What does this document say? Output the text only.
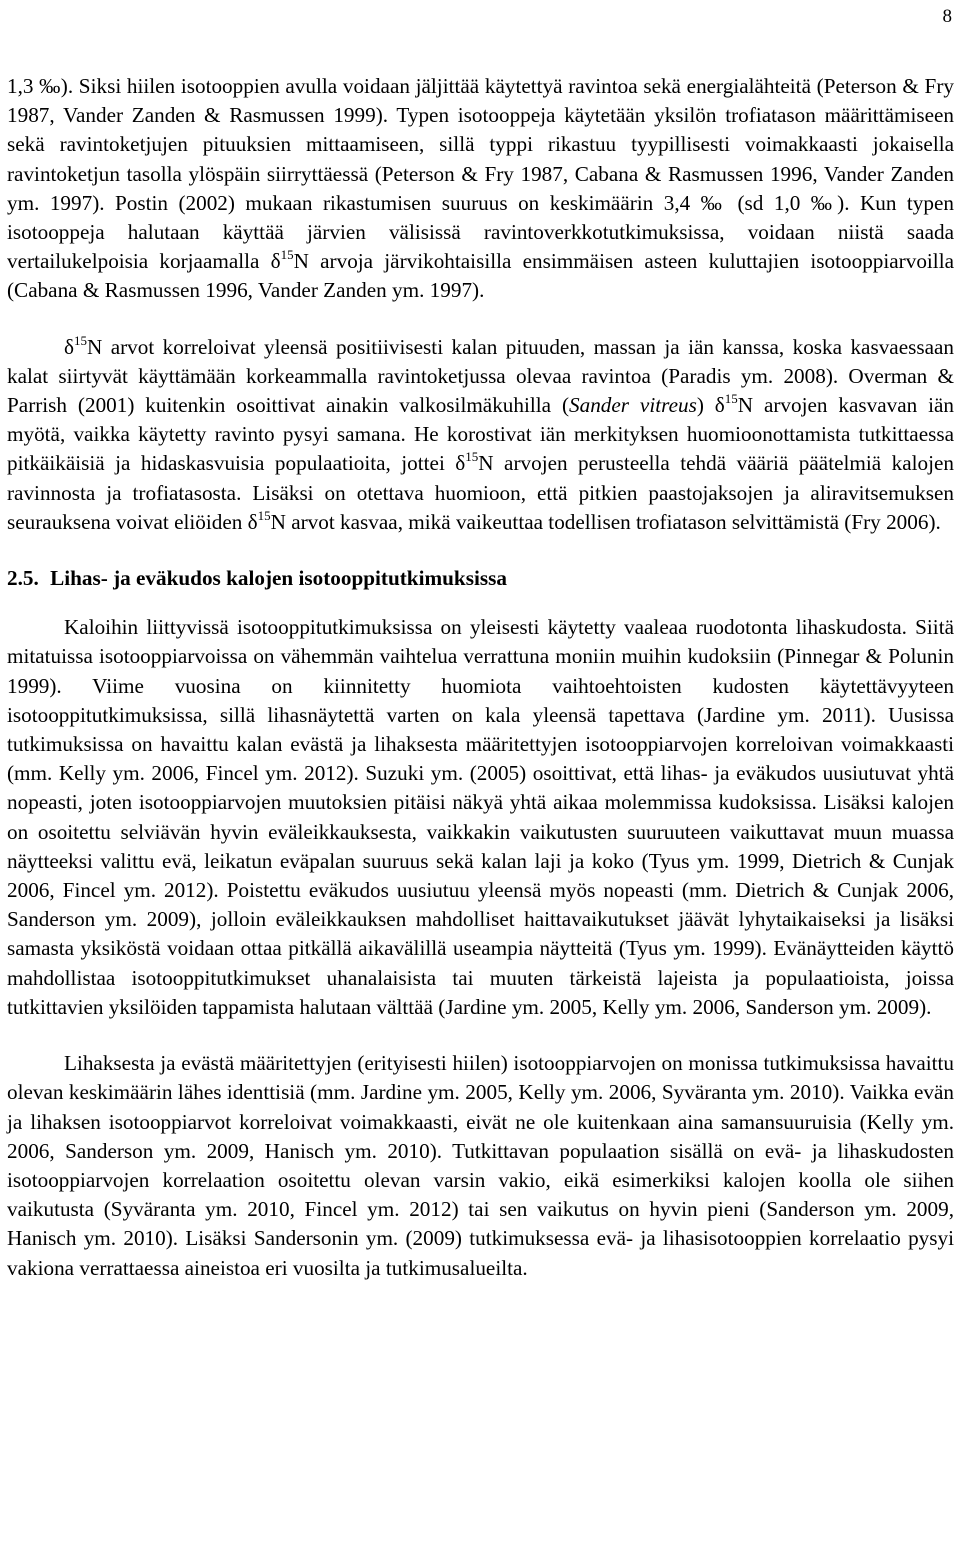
8

1,3 ‰). Siksi hiilen isotooppien avulla voidaan jäljittää käytettyä ravintoa sekä energialähteitä (Peterson & Fry 1987, Vander Zanden & Rasmussen 1999). Typen isotooppeja käytetään yksilön trofiatason määrittämiseen sekä ravintoketjujen pituuksien mittaamiseen, sillä typpi rikastuu tyypillisesti voimakkaasti jokaisella ravintoketjun tasolla ylöspäin siirryttäessä (Peterson & Fry 1987, Cabana & Rasmussen 1996, Vander Zanden ym. 1997). Postin (2002) mukaan rikastumisen suuruus on keskimäärin 3,4 ‰ (sd 1,0 ‰). Kun typen isotooppeja halutaan käyttää järvien välisissä ravintoverkkotutkimuksissa, voidaan niistä saada vertailukelpoisia korjaamalla $\delta^{15}N$ arvoja järvikohtaisilla ensimmäisen asteen kuluttajien isotooppiarvoilla (Cabana & Rasmussen 1996, Vander Zanden ym. 1997).

$\delta^{15}N$ arvot korreloivat yleensä positiivisesti kalan pituuden, massan ja iän kanssa, koska kasvaessaan kalat siirtyvät käyttämään korkeammalla ravintoketjussa olevaa ravintoa (Paradis ym. 2008). Overman & Parrish (2001) kuitenkin osoittivat ainakin valkosilmäkuhilla (Sander vitreus) $\delta^{15}N$ arvojen kasvavan iän myötä, vaikka käytetty ravinto pysyi samana. He korostivat iän merkityksen huomioonottamista tutkittaessa pitkäikäisiä ja hidaskasvuisia populaatioita, jottei $\delta^{15}N$ arvojen perusteella tehdä vääriä päätelmiä kalojen ravinnosta ja trofiatasosta. Lisäksi on otettava huomioon, että pitkien paastojaksojen ja aliravitsemuksen seurauksena voivat eliöiden $\delta^{15}N$ arvot kasvaa, mikä vaikeuttaa todellisen trofiatason selvittämistä (Fry 2006).

2.5. Lihas- ja eväkudos kalojen isotooppitutkimuksissa

Kaloihin liittyvissä isotooppitutkimuksissa on yleisesti käytetty vaaleaa ruodotonta lihaskudosta. Siitä mitatuissa isotooppiarvoissa on vähemmän vaihtelua verrattuna moniin muihin kudoksiin (Pinnegar & Polunin 1999). Viime vuosina on kiinnitetty huomiota vaihtoehtoisten kudosten käytettävyyteen isotooppitutkimuksissa, sillä lihasnäytettä varten on kala yleensä tapettava (Jardine ym. 2011). Uusissa tutkimuksissa on havaittu kalan evästä ja lihaksesta määritettyjen isotooppiarvojen korreloivan voimakkaasti (mm. Kelly ym. 2006, Fincel ym. 2012). Suzuki ym. (2005) osoittivat, että lihas- ja eväkudos uusiutuvat yhtä nopeasti, joten isotooppiarvojen muutoksien pitäisi näkyä yhtä aikaa molemmissa kudoksissa. Lisäksi kalojen on osoitettu selviävän hyvin eväleikkauksesta, vaikkakin vaikutusten suuruuteen vaikuttavat muun muassa näytteeksi valittu evä, leikatun eväpalan suuruus sekä kalan laji ja koko (Tyus ym. 1999, Dietrich & Cunjak 2006, Fincel ym. 2012). Poistettu eväkudos uusiutuu yleensä myös nopeasti (mm. Dietrich & Cunjak 2006, Sanderson ym. 2009), jolloin eväleikkauksen mahdolliset haittavaikutukset jäävät lyhytaikaiseksi ja lisäksi samasta yksiköstä voidaan ottaa pitkällä aikavälillä useampia näytteitä (Tyus ym. 1999). Evänäytteiden käyttö mahdollistaa isotooppitutkimukset uhanalaisista tai muuten tärkeistä lajeista ja populaatioista, joissa tutkittavien yksilöiden tappamista halutaan välttää (Jardine ym. 2005, Kelly ym. 2006, Sanderson ym. 2009).

Lihaksesta ja evästä määritettyjen (erityisesti hiilen) isotooppiarvojen on monissa tutkimuksissa havaittu olevan keskimäärin lähes identtisiä (mm. Jardine ym. 2005, Kelly ym. 2006, Syväranta ym. 2010). Vaikka evän ja lihaksen isotooppiarvot korreloivat voimakkaasti, eivät ne ole kuitenkaan aina samansuuruisia (Kelly ym. 2006, Sanderson ym. 2009, Hanisch ym. 2010). Tutkittavan populaation sisällä on evä- ja lihaskudosten isotooppiarvojen korrelaation osoitettu olevan varsin vakio, eikä esimerkiksi kalojen koolla ole siihen vaikutusta (Syväranta ym. 2010, Fincel ym. 2012) tai sen vaikutus on hyvin pieni (Sanderson ym. 2009, Hanisch ym. 2010). Lisäksi Sandersonin ym. (2009) tutkimuksessa evä- ja lihasisotooppien korrelaatio pysyi vakiona verrattaessa aineistoa eri vuosilta ja tutkimusalueilta.
